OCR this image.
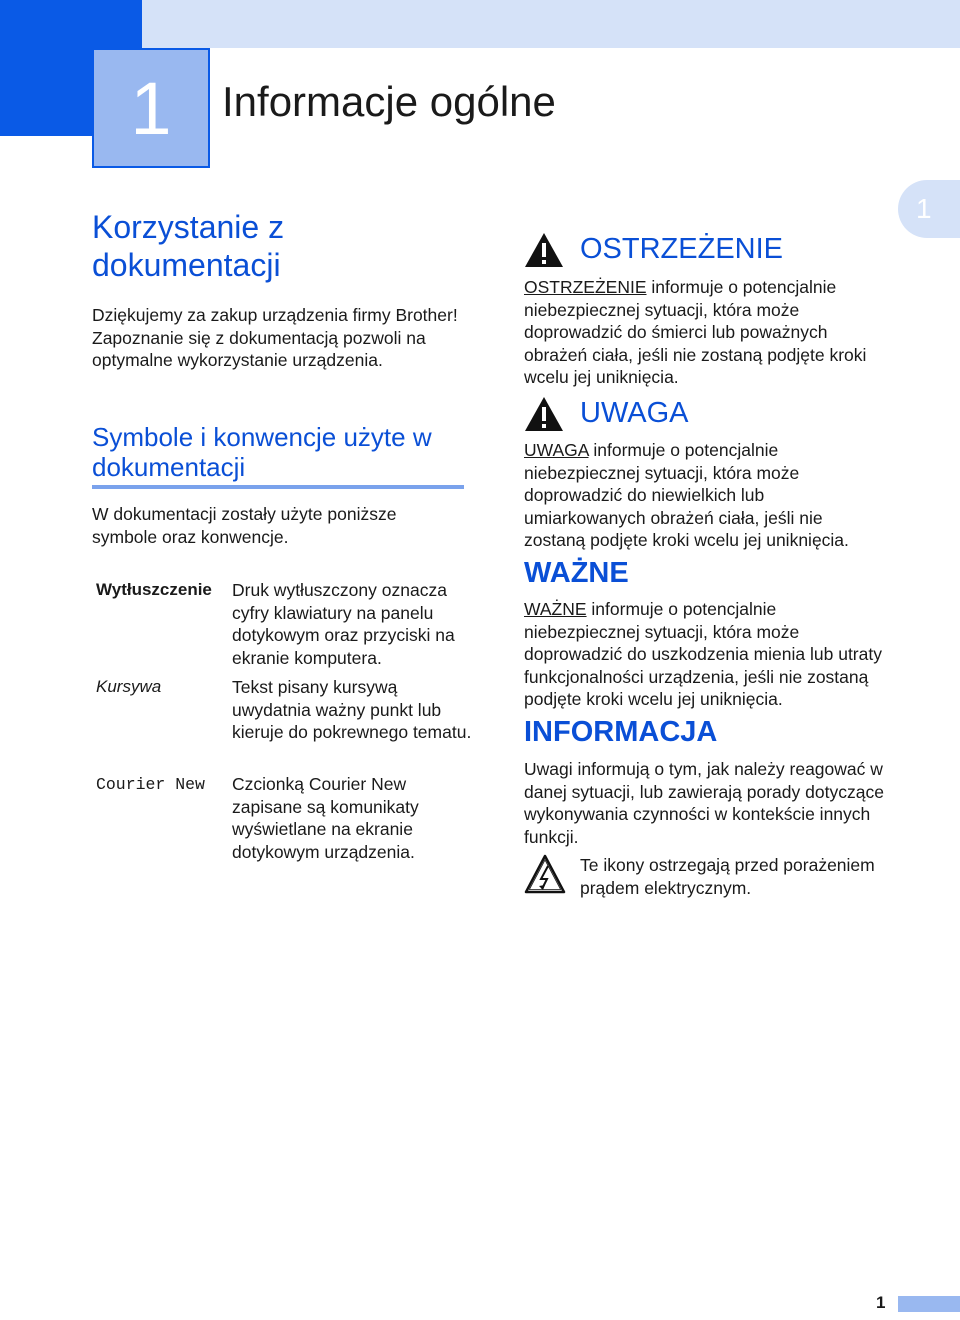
1	Informacje ogólne
1
Korzystanie z dokumentacji

Dziękujemy za zakup urządzenia firmy Brother! Zapoznanie się z dokumentacją pozwoli na optymalne wykorzystanie urządzenia.

Symbole i konwencje użyte w dokumentacji

W dokumentacji zostały użyte poniższe symbole oraz konwencje.

Wytłuszczenie Druk wytłuszczony oznacza cyfry klawiatury na panelu dotykowym oraz przyciski na ekranie komputera.
Kursywa	Tekst pisany kursywą uwydatnia ważny punkt lub kieruje do pokrewnego tematu.
Courier New Czcionką Courier New zapisane są komunikaty wyświetlane na ekranie dotykowym urządzenia.
OSTRZEŻENIE

OSTRZEŻENIE informuje o potencjalnie niebezpiecznej sytuacji, która może doprowadzić do śmierci lub poważnych obrażeń ciała, jeśli nie zostaną podjęte kroki wcelu jej uniknięcia.

UWAGA

UWAGA informuje o potencjalnie niebezpiecznej sytuacji, która może doprowadzić do niewielkich lub umiarkowanych obrażeń ciała, jeśli nie zostaną podjęte kroki wcelu jej uniknięcia.

WAŻNE

WAŻNE informuje o potencjalnie niebezpiecznej sytuacji, która może doprowadzić do uszkodzenia mienia lub utraty funkcjonalności urządzenia, jeśli nie zostaną podjęte kroki wcelu jej uniknięcia.

INFORMACJA

Uwagi informują o tym, jak należy reagować w danej sytuacji, lub zawierają porady dotyczące wykonywania czynności w kontekście innych funkcji.

Te ikony ostrzegają przed porażeniem prądem elektrycznym.
1
